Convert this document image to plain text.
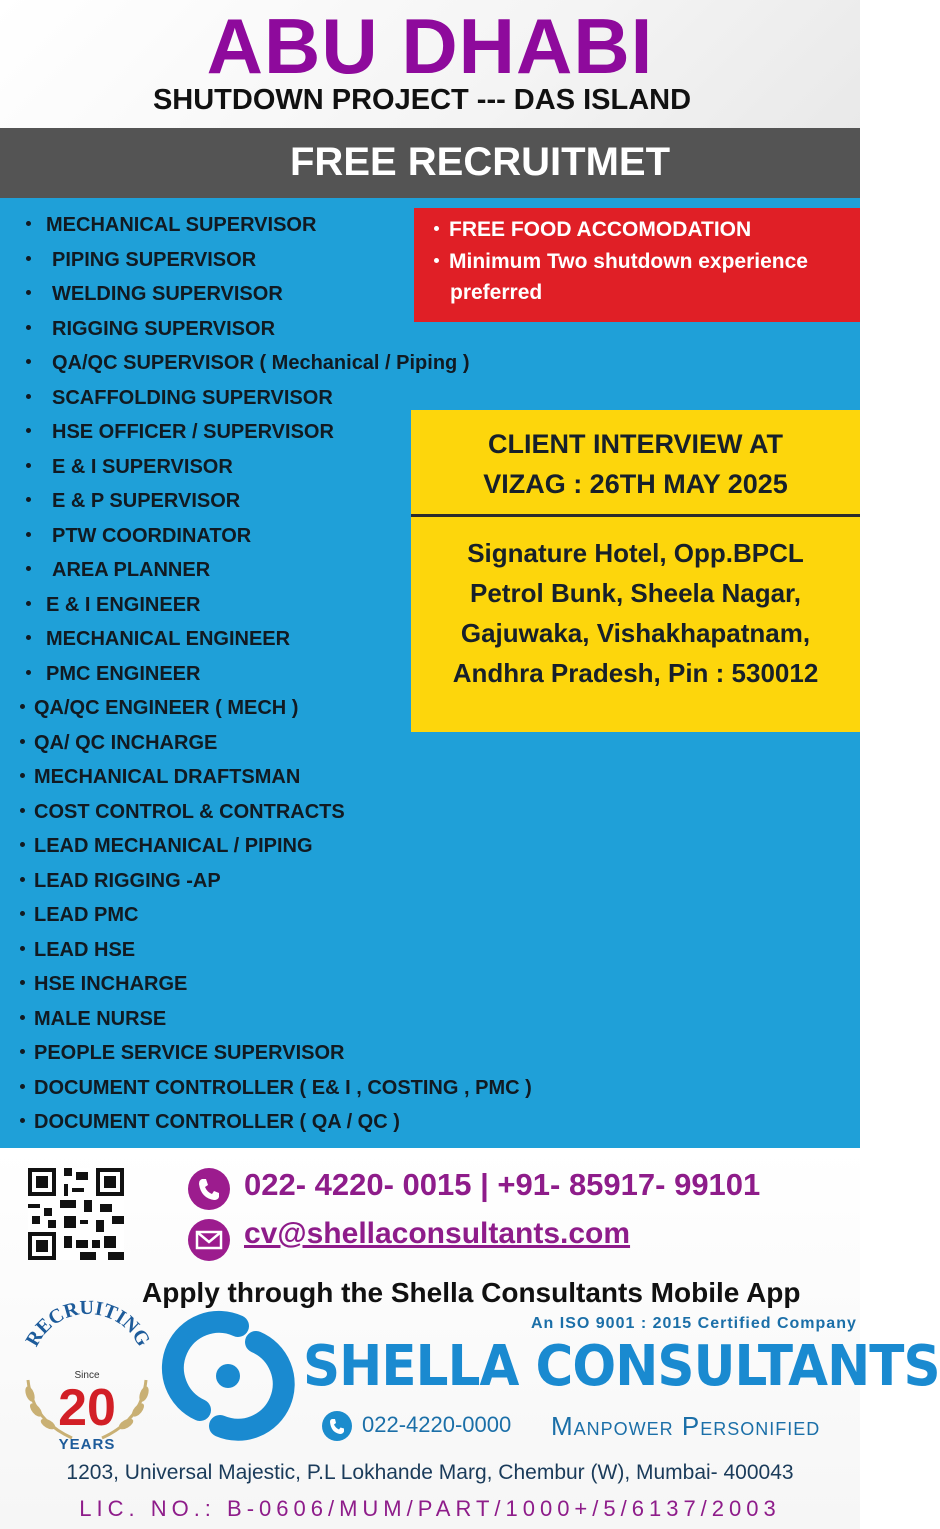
ABU DHABI
SHUTDOWN PROJECT --- DAS ISLAND
FREE RECRUITMET
MECHANICAL SUPERVISOR
PIPING SUPERVISOR
WELDING SUPERVISOR
RIGGING SUPERVISOR
QA/QC SUPERVISOR ( Mechanical / Piping )
SCAFFOLDING SUPERVISOR
HSE OFFICER / SUPERVISOR
E & I SUPERVISOR
E & P SUPERVISOR
PTW COORDINATOR
AREA PLANNER
E & I ENGINEER
MECHANICAL ENGINEER
PMC ENGINEER
QA/QC ENGINEER ( MECH )
QA/ QC INCHARGE
MECHANICAL DRAFTSMAN
COST CONTROL & CONTRACTS
LEAD MECHANICAL / PIPING
LEAD RIGGING -AP
LEAD PMC
LEAD HSE
HSE INCHARGE
MALE NURSE
PEOPLE SERVICE SUPERVISOR
DOCUMENT CONTROLLER ( E& I , COSTING , PMC )
DOCUMENT CONTROLLER ( QA / QC )
FREE FOOD ACCOMODATION
Minimum Two shutdown experience
preferred
CLIENT INTERVIEW AT
VIZAG : 26TH MAY 2025
Signature Hotel, Opp.BPCL
Petrol Bunk, Sheela Nagar,
Gajuwaka, Vishakhapatnam,
Andhra Pradesh, Pin : 530012
022- 4220- 0015 | +91- 85917- 99101
cv@shellaconsultants.com
Apply through the Shella Consultants Mobile App
RECRUITING
Since
20
YEARS
An ISO 9001 : 2015 Certified Company
SHELLA CONSULTANTS
022-4220-0000 Manpower Personified
1203, Universal Majestic, P.L Lokhande Marg, Chembur (W), Mumbai- 400043
LIC. NO.: B-0606/MUM/PART/1000+/5/6137/2003
